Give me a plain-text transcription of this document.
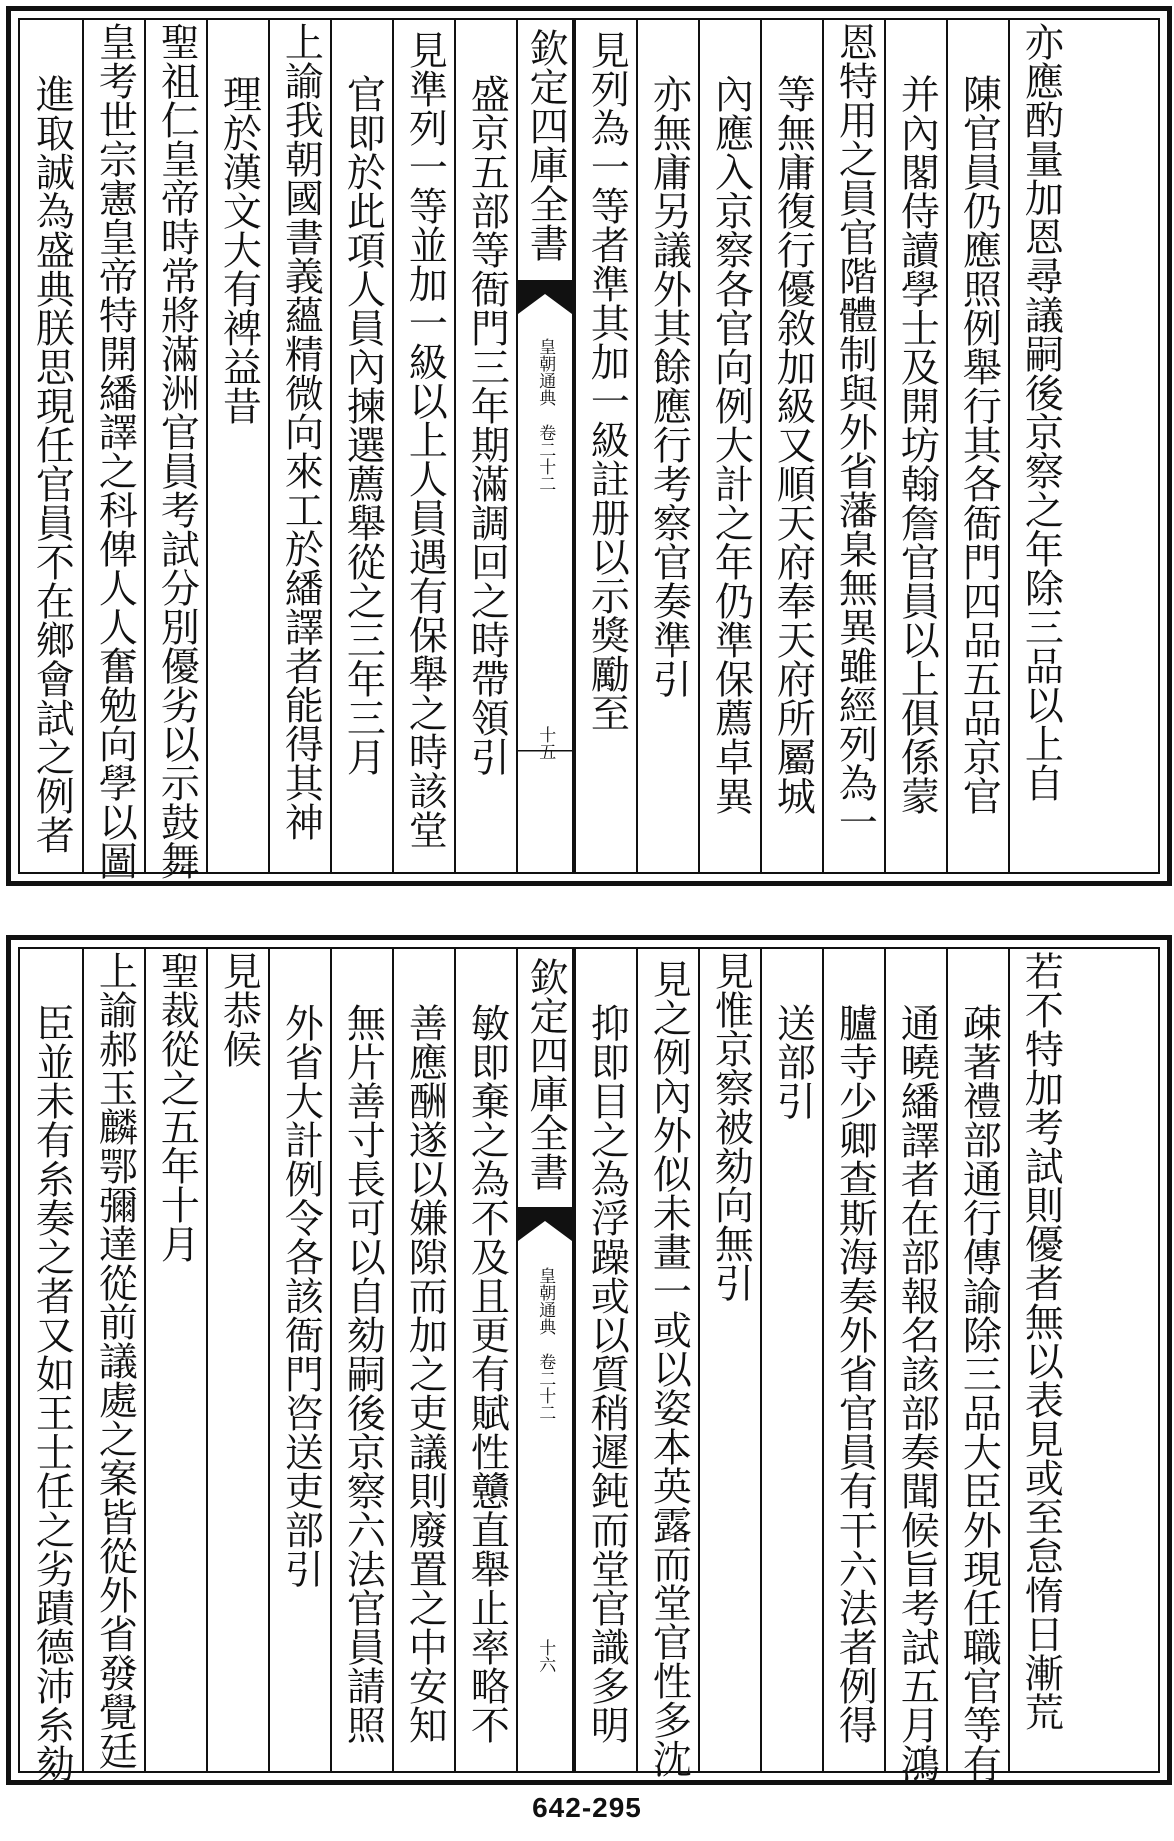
進取誠為盛典朕思現任官員不在鄉會試之例者 皇考世宗憲皇帝特開繙譯之科俾人人奮勉向學以圖 聖祖仁皇帝時常將滿洲官員考試分別優劣以示鼓舞 理於漢文大有裨益昔 上諭我朝國書義蘊精微向來工於繙譯者能得其神 官即於此項人員內揀選薦舉從之三年三月 見準列一等並加一級以上人員遇有保舉之時該堂 盛京五部等衙門三年期滿調回之時帶領引 欽定四庫全書
皇朝通典
卷二十二
十五
見列為一等者準其加一級註册以示獎勵至 亦無庸另議外其餘應行考察官奏準引 內應入京察各官向例大計之年仍準保薦卓異 等無庸復行優敘加級又順天府奉天府所屬城 恩特用之員官階體制與外省藩臬無異雖經列為一 并內閣侍讀學士及開坊翰詹官員以上俱係蒙 陳官員仍應照例舉行其各衙門四品五品京官 亦應酌量加恩尋議嗣後京察之年除三品以上自
臣並未有糸奏之者又如王士任之劣蹟德沛糸劾 上諭郝玉麟鄂彌達從前議處之案皆從外省發覺廷 聖裁從之五年十月 見恭候 外省大計例令各該衙門咨送吏部引 無片善寸長可以自劾嗣後京察六法官員請照 善應酬遂以嫌隙而加之吏議則廢置之中安知 敏即棄之為不及且更有賦性戇直舉止率略不 欽定四庫全書
皇朝通典
卷二十二
十六 抑即目之為浮躁或以質稍遲鈍而堂官識多明 見之例內外似未畫一或以姿本英露而堂官性多沈 見惟京察被劾向無引 送部引 臚寺少卿查斯海奏外省官員有干六法者例得 通曉繙譯者在部報名該部奏聞候旨考試五月鴻 疎著禮部通行傳諭除三品大臣外現任職官等有 若不特加考試則優者無以表見或至怠惰日漸荒
642-295
